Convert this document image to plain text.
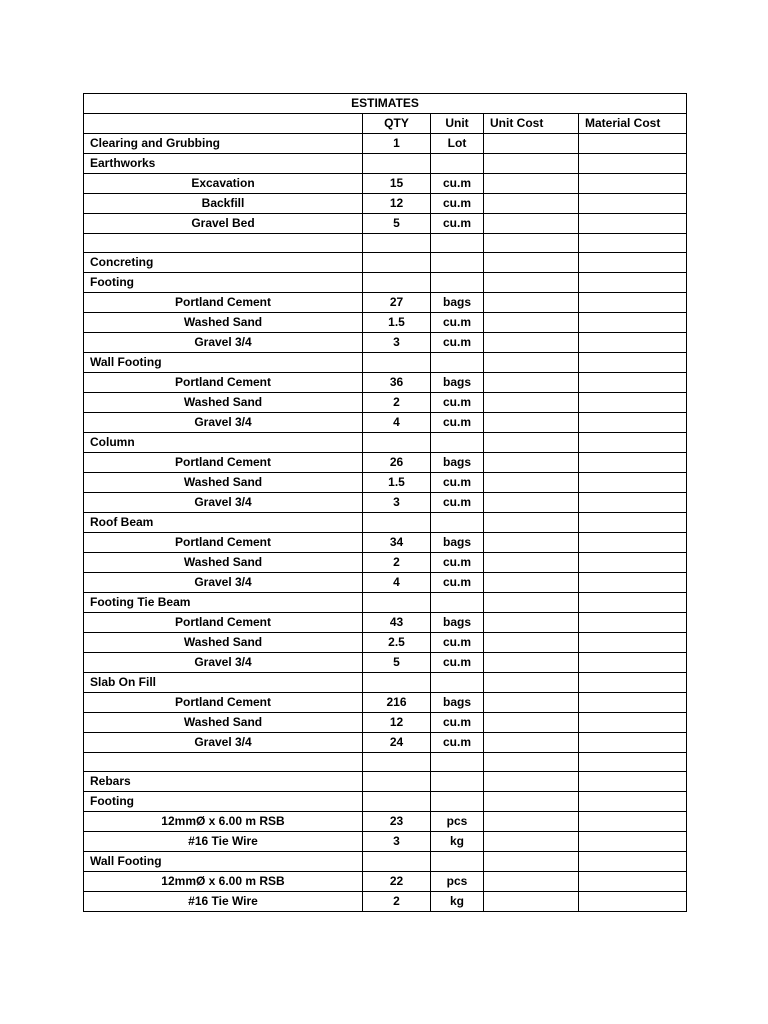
ESTIMATES				
	QTY	Unit	Unit Cost	Material Cost
Clearing and Grubbing	1	Lot		
Earthworks				
Excavation	15	cu.m		
Backfill	12	cu.m		
Gravel Bed	5	cu.m		

Concreting				
Footing				
Portland Cement	27	bags		
Washed Sand	1.5	cu.m		
Gravel 3/4	3	cu.m		
Wall Footing				
Portland Cement	36	bags		
Washed Sand	2	cu.m		
Gravel 3/4	4	cu.m		
Column				
Portland Cement	26	bags		
Washed Sand	1.5	cu.m		
Gravel 3/4	3	cu.m		
Roof Beam				
Portland Cement	34	bags		
Washed Sand	2	cu.m		
Gravel 3/4	4	cu.m		
Footing Tie Beam				
Portland Cement	43	bags		
Washed Sand	2.5	cu.m		
Gravel 3/4	5	cu.m		
Slab On Fill				
Portland Cement	216	bags		
Washed Sand	12	cu.m		
Gravel 3/4	24	cu.m		

Rebars				
Footing				
12mmØ x 6.00 m RSB	23	pcs		
#16 Tie Wire	3	kg		
Wall Footing				
12mmØ x 6.00 m RSB	22	pcs		
#16 Tie Wire	2	kg		
